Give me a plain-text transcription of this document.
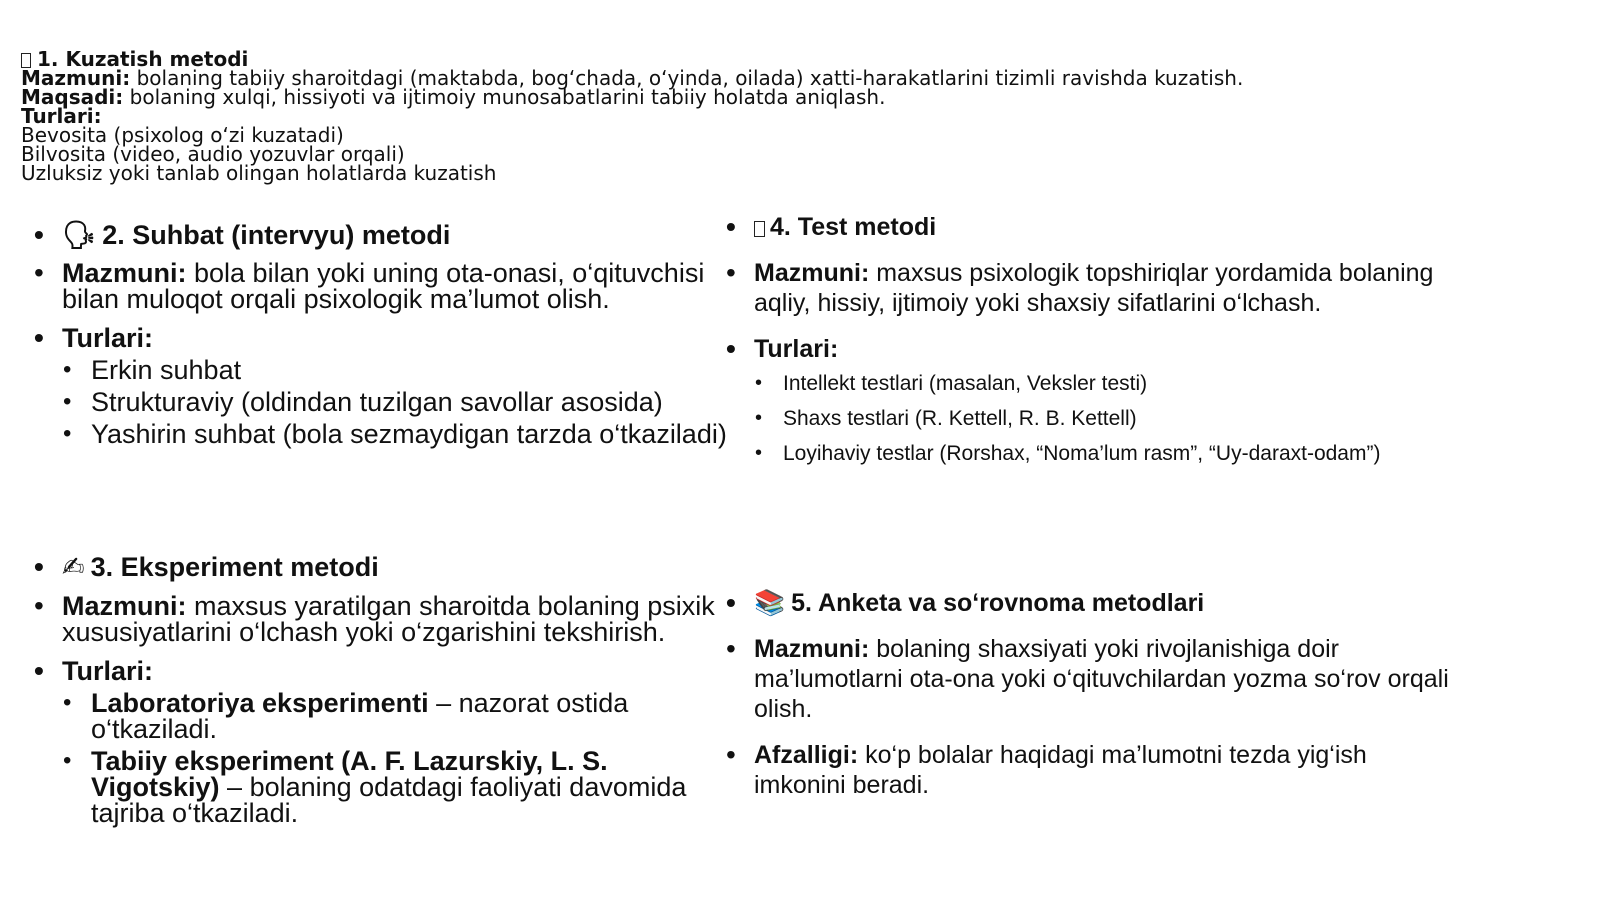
1. Kuzatish metodi
Mazmuni: bolaning tabiiy sharoitdagi (maktabda, bog‘chada, o‘yinda, oilada) xatti-harakatlarini tizimli ravishda kuzatish.
Maqsadi: bolaning xulqi, hissiyoti va ijtimoiy munosabatlarini tabiiy holatda aniqlash.
Turlari:
Bevosita (psixolog o‘zi kuzatadi)
Bilvosita (video, audio yozuvlar orqali)
Uzluksiz yoki tanlab olingan holatlarda kuzatish
• 🗣 2. Suhbat (intervyu) metodi
• Mazmuni: bola bilan yoki uning ota-onasi, o‘qituvchisi bilan muloqot orqali psixologik ma’lumot olish.
• Turlari:
• Erkin suhbat
• Strukturaviy (oldindan tuzilgan savollar asosida)
• Yashirin suhbat (bola sezmaydigan tarzda o‘tkaziladi)
• ✍ 3. Eksperiment metodi
• Mazmuni: maxsus yaratilgan sharoitda bolaning psixik xususiyatlarini o‘lchash yoki o‘zgarishini tekshirish.
• Turlari:
• Laboratoriya eksperimenti – nazorat ostida o‘tkaziladi.
• Tabiiy eksperiment (A. F. Lazurskiy, L. S. Vigotskiy) – bolaning odatdagi faoliyati davomida tajriba o‘tkaziladi.
• 4. Test metodi
• Mazmuni: maxsus psixologik topshiriqlar yordamida bolaning aqliy, hissiy, ijtimoiy yoki shaxsiy sifatlarini o‘lchash.
• Turlari:
• Intellekt testlari (masalan, Veksler testi)
• Shaxs testlari (R. Kettell, R. B. Kettell)
• Loyihaviy testlar (Rorshax, “Noma’lum rasm”, “Uy-daraxt-odam”)
• 📚 5. Anketa va so‘rovnoma metodlari
• Mazmuni: bolaning shaxsiyati yoki rivojlanishiga doir ma’lumotlarni ota-ona yoki o‘qituvchilardan yozma so‘rov orqali olish.
• Afzalligi: ko‘p bolalar haqidagi ma’lumotni tezda yig‘ish imkonini beradi.
